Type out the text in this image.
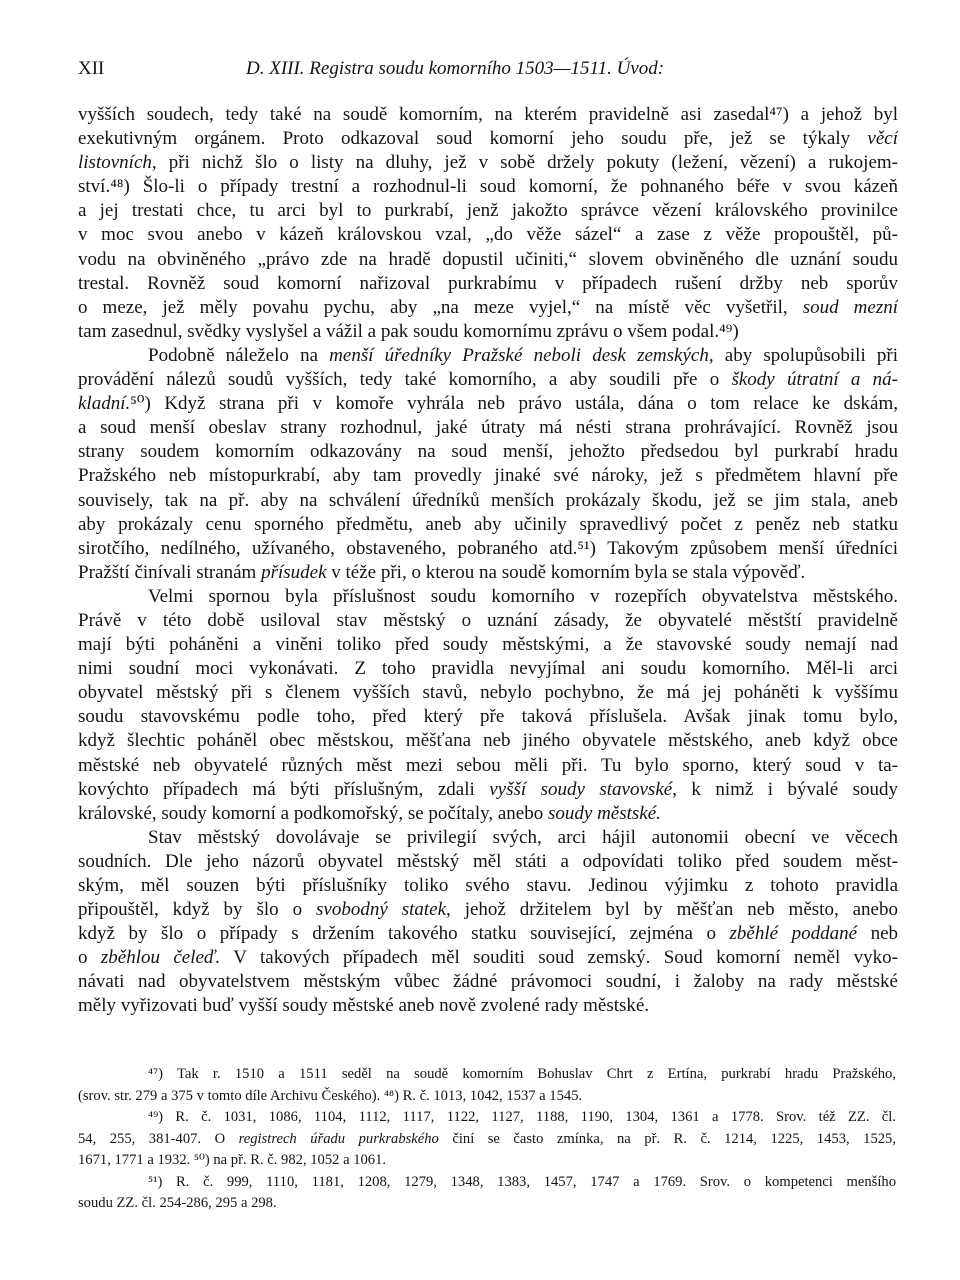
XII	D. XIII. Registra soudu komorního 1503—1511. Úvod:
vyšších soudech, tedy také na soudě komorním, na kterém pravidelně asi zasedal⁴⁷) a jehož byl
exekutivným orgánem. Proto odkazoval soud komorní jeho soudu pře, jež se týkaly věcí
listovních, při nichž šlo o listy na dluhy, jež v sobě držely pokuty (ležení, vězení) a rukojem-
ství.⁴⁸) Šlo-li o případy trestní a rozhodnul-li soud komorní, že pohnaného béře v svou kázeň
a jej trestati chce, tu arci byl to purkrabí, jenž jakožto správce vězení královského provinilce
v moc svou anebo v kázeň královskou vzal, „do věže sázel“ a zase z věže propouštěl, pů-
vodu na obviněného „právo zde na hradě dopustil učiniti,“ slovem obviněného dle uznání soudu
trestal. Rovněž soud komorní nařizoval purkrabímu v případech rušení držby neb sporův
o meze, jež měly povahu pychu, aby „na meze vyjel,“ na místě věc vyšetřil, soud mezní
tam zasednul, svědky vyslyšel a vážil a pak soudu komornímu zprávu o všem podal.⁴⁹)
Podobně náleželo na menší úředníky Pražské neboli desk zemských, aby spolupůsobili při
provádění nálezů soudů vyšších, tedy také komorního, a aby soudili pře o škody útratní a ná-
kladní.⁵⁰) Když strana při v komoře vyhrála neb právo ustála, dána o tom relace ke dskám,
a soud menší obeslav strany rozhodnul, jaké útraty má nésti strana prohrávající. Rovněž jsou
strany soudem komorním odkazovány na soud menší, jehožto předsedou byl purkrabí hradu
Pražského neb místopurkrabí, aby tam provedly jinaké své nároky, jež s předmětem hlavní pře
souvisely, tak na př. aby na schválení úředníků menších prokázaly škodu, jež se jim stala, aneb
aby prokázaly cenu sporného předmětu, aneb aby učinily spravedlivý počet z peněz neb statku
sirotčího, nedílného, užívaného, obstaveného, pobraného atd.⁵¹) Takovým způsobem menší úředníci
Pražští činívali stranám přísudek v téže při, o kterou na soudě komorním byla se stala výpověď.
Velmi spornou byla příslušnost soudu komorního v rozepřích obyvatelstva městského.
Právě v této době usiloval stav městský o uznání zásady, že obyvatelé městští pravidelně
mají býti poháněni a viněni toliko před soudy městskými, a že stavovské soudy nemají nad
nimi soudní moci vykonávati. Z toho pravidla nevyjímal ani soudu komorního. Měl-li arci
obyvatel městský při s členem vyšších stavů, nebylo pochybno, že má jej poháněti k vyššímu
soudu stavovskému podle toho, před který pře taková příslušela. Avšak jinak tomu bylo,
když šlechtic poháněl obec městskou, měšťana neb jiného obyvatele městského, aneb když obce
městské neb obyvatelé různých měst mezi sebou měli při. Tu bylo sporno, který soud v ta-
kovýchto případech má býti příslušným, zdali vyšší soudy stavovské, k nimž i bývalé soudy
královské, soudy komorní a podkomořský, se počítaly, anebo soudy městské.
Stav městský dovolávaje se privilegií svých, arci hájil autonomii obecní ve věcech
soudních. Dle jeho názorů obyvatel městský měl státi a odpovídati toliko před soudem měst-
ským, měl souzen býti příslušníky toliko svého stavu. Jedinou výjimku z tohoto pravidla
připouštěl, když by šlo o svobodný statek, jehož držitelem byl by měšťan neb město, anebo
když by šlo o případy s držením takového statku související, zejména o zběhlé poddané neb
o zběhlou čeleď. V takových případech měl souditi soud zemský. Soud komorní neměl vyko-
návati nad obyvatelstvem městským vůbec žádné právomoci soudní, i žaloby na rady městské
měly vyřizovati buď vyšší soudy městské aneb nově zvolené rady městské.
⁴⁷) Tak r. 1510 a 1511 seděl na soudě komorním Bohuslav Chrt z Ertína, purkrabí hradu Pražského,
(srov. str. 279 a 375 v tomto díle Archivu Českého). ⁴⁸) R. č. 1013, 1042, 1537 a 1545.
⁴⁹) R. č. 1031, 1086, 1104, 1112, 1117, 1122, 1127, 1188, 1190, 1304, 1361 a 1778. Srov. též ZZ. čl.
54, 255, 381-407. O registrech úřadu purkrabského činí se často zmínka, na př. R. č. 1214, 1225, 1453, 1525,
1671, 1771 a 1932. ⁵⁰) na př. R. č. 982, 1052 a 1061.
⁵¹) R. č. 999, 1110, 1181, 1208, 1279, 1348, 1383, 1457, 1747 a 1769. Srov. o kompetenci menšího
soudu ZZ. čl. 254-286, 295 a 298.
